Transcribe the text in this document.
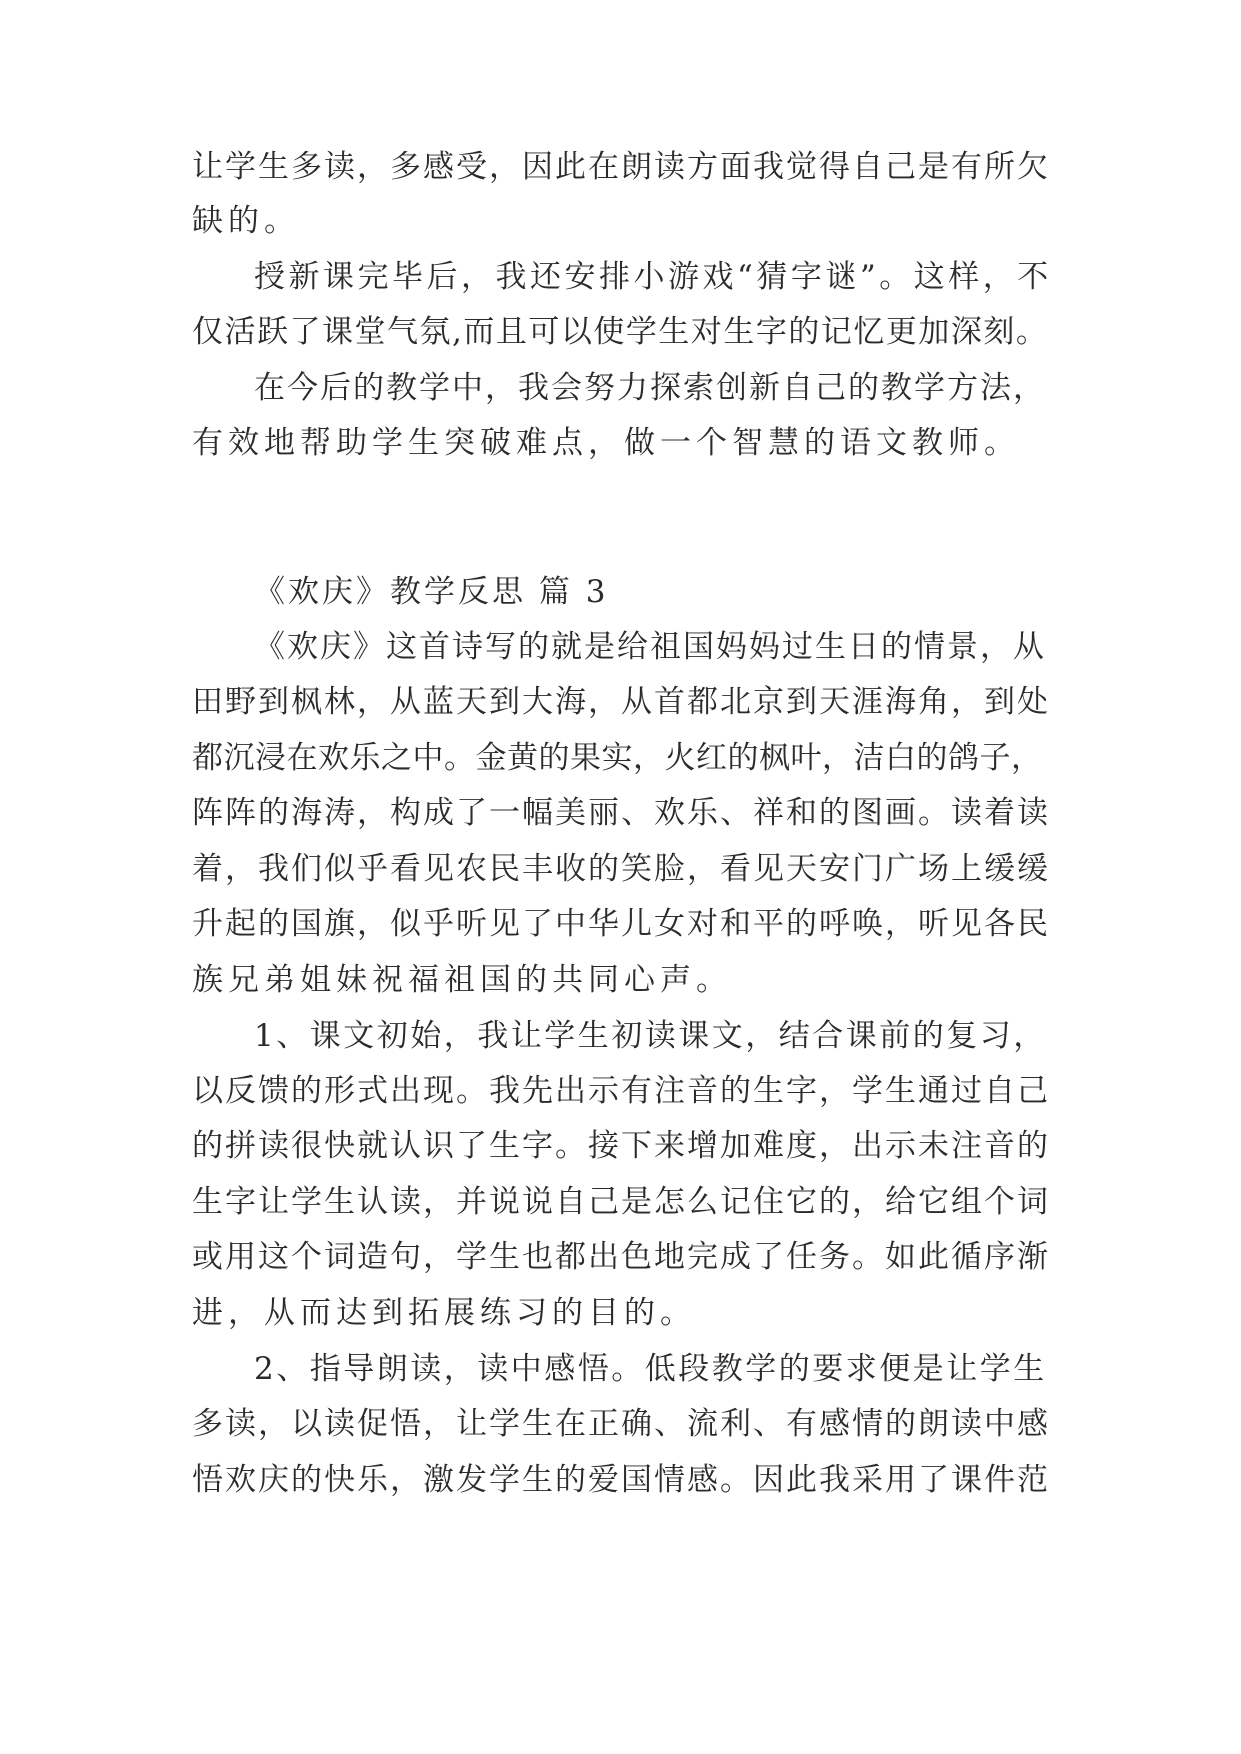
让学生多读，多感受，因此在朗读方面我觉得自己是有所欠
缺的。
授新课完毕后，我还安排小游戏“猜字谜”。这样，不
仅活跃了课堂气氛,而且可以使学生对生字的记忆更加深刻。
在今后的教学中，我会努力探索创新自己的教学方法，
有效地帮助学生突破难点，做一个智慧的语文教师。
《欢庆》教学反思 篇 3
《欢庆》这首诗写的就是给祖国妈妈过生日的情景，从
田野到枫林，从蓝天到大海，从首都北京到天涯海角，到处
都沉浸在欢乐之中。金黄的果实，火红的枫叶，洁白的鸽子，
阵阵的海涛，构成了一幅美丽、欢乐、祥和的图画。读着读
着，我们似乎看见农民丰收的笑脸，看见天安门广场上缓缓
升起的国旗，似乎听见了中华儿女对和平的呼唤，听见各民
族兄弟姐妹祝福祖国的共同心声。
1、课文初始，我让学生初读课文，结合课前的复习，
以反馈的形式出现。我先出示有注音的生字，学生通过自己
的拼读很快就认识了生字。接下来增加难度，出示未注音的
生字让学生认读，并说说自己是怎么记住它的，给它组个词
或用这个词造句，学生也都出色地完成了任务。如此循序渐
进，从而达到拓展练习的目的。
2、指导朗读，读中感悟。低段教学的要求便是让学生
多读，以读促悟，让学生在正确、流利、有感情的朗读中感
悟欢庆的快乐，激发学生的爱国情感。因此我采用了课件范
